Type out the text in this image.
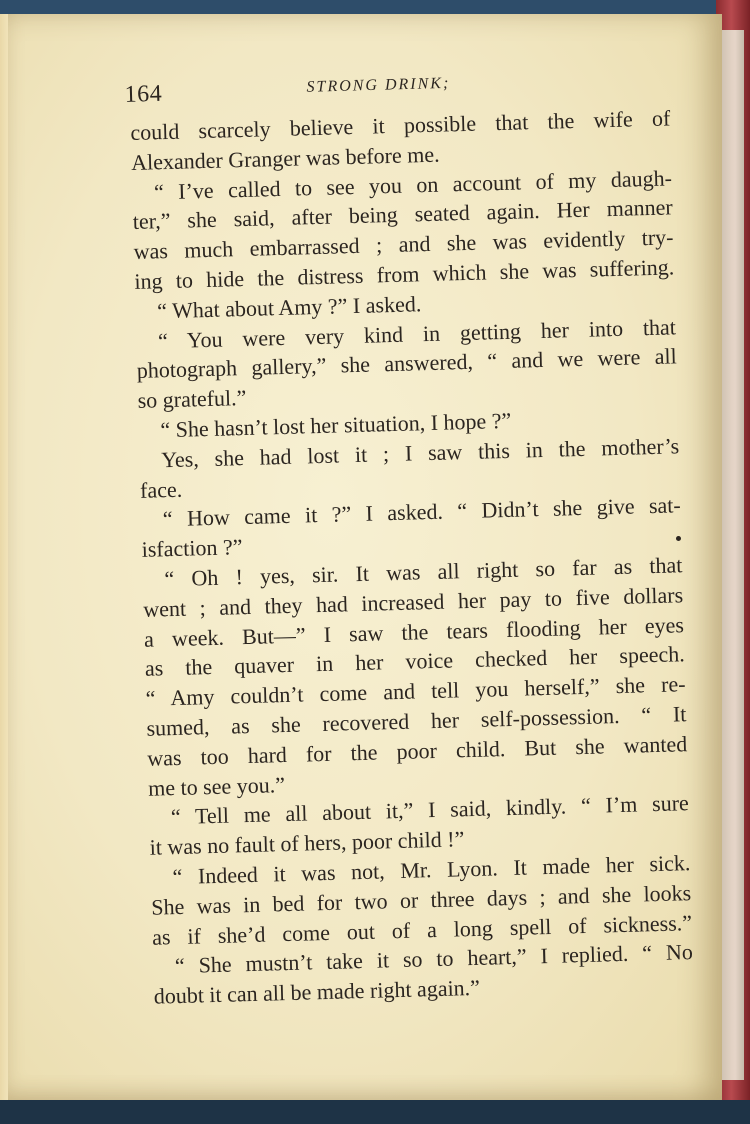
164	STRONG DRINK;
could scarcely believe it possible that the wife of
Alexander Granger was before me.
“ I’ve called to see you on account of my daugh-
ter,” she said, after being seated again. Her manner
was much embarrassed ; and she was evidently try-
ing to hide the distress from which she was suffering.
“ What about Amy ?” I asked.
“ You were very kind in getting her into that
photograph gallery,” she answered, “ and we were all
so grateful.”
“ She hasn’t lost her situation, I hope ?”
Yes, she had lost it ; I saw this in the mother’s
face.
“ How came it ?” I asked. “ Didn’t she give sat-
isfaction ?”
“ Oh ! yes, sir. It was all right so far as that
went ; and they had increased her pay to five dollars
a week. But—” I saw the tears flooding her eyes
as the quaver in her voice checked her speech.
“ Amy couldn’t come and tell you herself,” she re-
sumed, as she recovered her self-possession. “ It
was too hard for the poor child. But she wanted
me to see you.”
“ Tell me all about it,” I said, kindly. “ I’m sure
it was no fault of hers, poor child !”
“ Indeed it was not, Mr. Lyon. It made her sick.
She was in bed for two or three days ; and she looks
as if she’d come out of a long spell of sickness.”
“ She mustn’t take it so to heart,” I replied. “ No
doubt it can all be made right again.”
